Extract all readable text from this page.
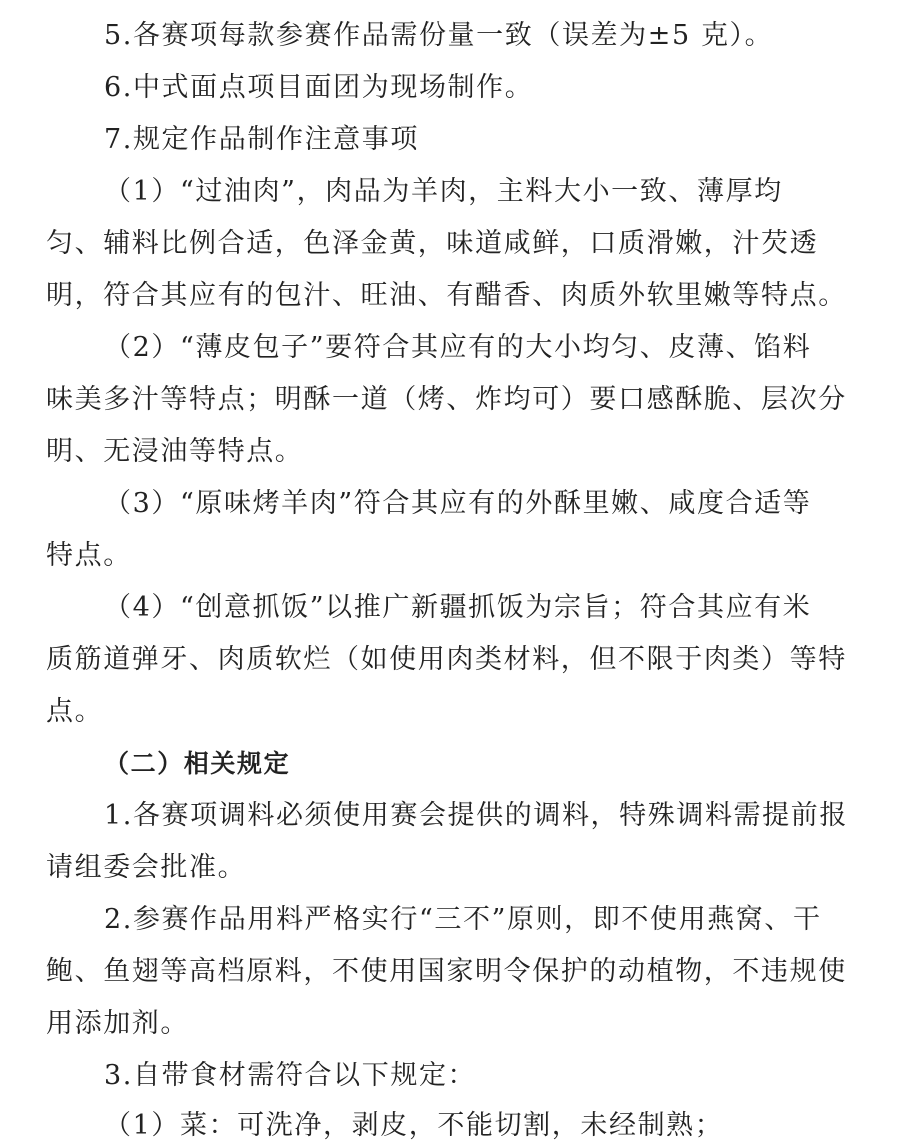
5.各赛项每款参赛作品需份量一致（误差为±5 克）。
6.中式面点项目面团为现场制作。
7.规定作品制作注意事项
（1）“过油肉”，肉品为羊肉，主料大小一致、薄厚均
匀、辅料比例合适，色泽金黄，味道咸鲜，口质滑嫩，汁芡透
明，符合其应有的包汁、旺油、有醋香、肉质外软里嫩等特点。
（2）“薄皮包子”要符合其应有的大小均匀、皮薄、馅料
味美多汁等特点；明酥一道（烤、炸均可）要口感酥脆、层次分
明、无浸油等特点。
（3）“原味烤羊肉”符合其应有的外酥里嫩、咸度合适等
特点。
（4）“创意抓饭”以推广新疆抓饭为宗旨；符合其应有米
质筋道弹牙、肉质软烂（如使用肉类材料，但不限于肉类）等特
点。
（二）相关规定
1.各赛项调料必须使用赛会提供的调料，特殊调料需提前报
请组委会批准。
2.参赛作品用料严格实行“三不”原则，即不使用燕窝、干
鲍、鱼翅等高档原料，不使用国家明令保护的动植物，不违规使
用添加剂。
3.自带食材需符合以下规定：
（1）菜：可洗净，剥皮，不能切割，未经制熟；
